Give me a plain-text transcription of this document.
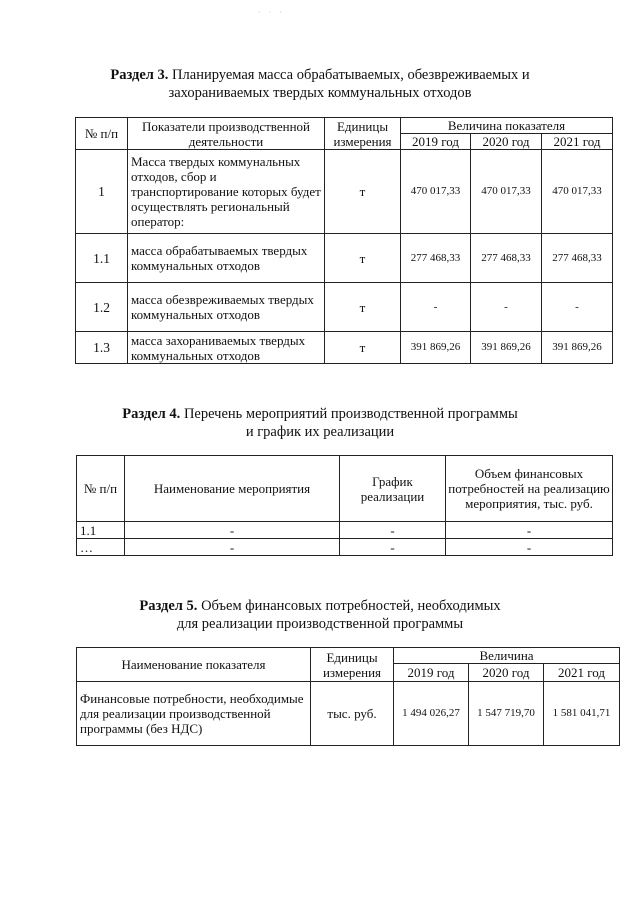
· · ·
Раздел 3. Планируемая масса обрабатываемых, обезвреживаемых и
захораниваемых твердых коммунальных отходов
№ п/п	Показатели производственной деятельности	Единицы измерения	Величина показателя		
			2019 год	2020 год	2021 год
1	Масса твердых коммунальных отходов, сбор и транспортирование которых будет осуществлять региональный оператор:	т	470 017,33	470 017,33	470 017,33
1.1	масса обрабатываемых твердых коммунальных отходов	т	277 468,33	277 468,33	277 468,33
1.2	масса обезвреживаемых твердых коммунальных отходов	т	-	-	-
1.3	масса захораниваемых твердых коммунальных отходов	т	391 869,26	391 869,26	391 869,26
Раздел 4. Перечень мероприятий производственной программы
и график их реализации
№ п/п	Наименование мероприятия	График реализации	Объем финансовых потребностей на реализацию мероприятия, тыс. руб.
1.1	-	-	-
…	-	-	-
Раздел 5. Объем финансовых потребностей, необходимых
для реализации производственной программы
Наименование показателя	Единицы измерения	Величина		
		2019 год	2020 год	2021 год
Финансовые потребности, необходимые для реализации производственной программы (без НДС)	тыс. руб.	1 494 026,27	1 547 719,70	1 581 041,71
